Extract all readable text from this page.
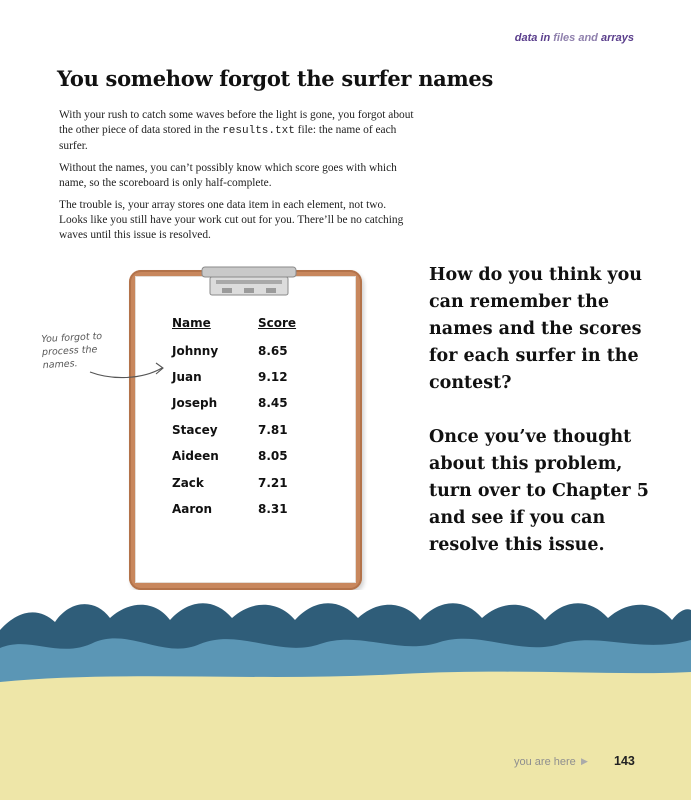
data in files and arrays
You somehow forgot the surfer names

With your rush to catch some waves before the light is gone, you forgot about the other piece of data stored in the results.txt file: the name of each surfer.

Without the names, you can’t possibly know which score goes with which name, so the scoreboard is only half-complete.

The trouble is, your array stores one data item in each element, not two. Looks like you still have your work cut out for you. There’ll be no catching waves until this issue is resolved.

Name	Score
Johnny	8.65
Juan	9.12
Joseph	8.45
Stacey	7.81
Aideen	8.05
Zack	7.21
Aaron	8.31
You forgot to process the names.

How do you think you can remember the names and the scores for each surfer in the contest?

Once you’ve thought about this problem, turn over to Chapter 5 and see if you can resolve this issue.

you are here ▶ 143
